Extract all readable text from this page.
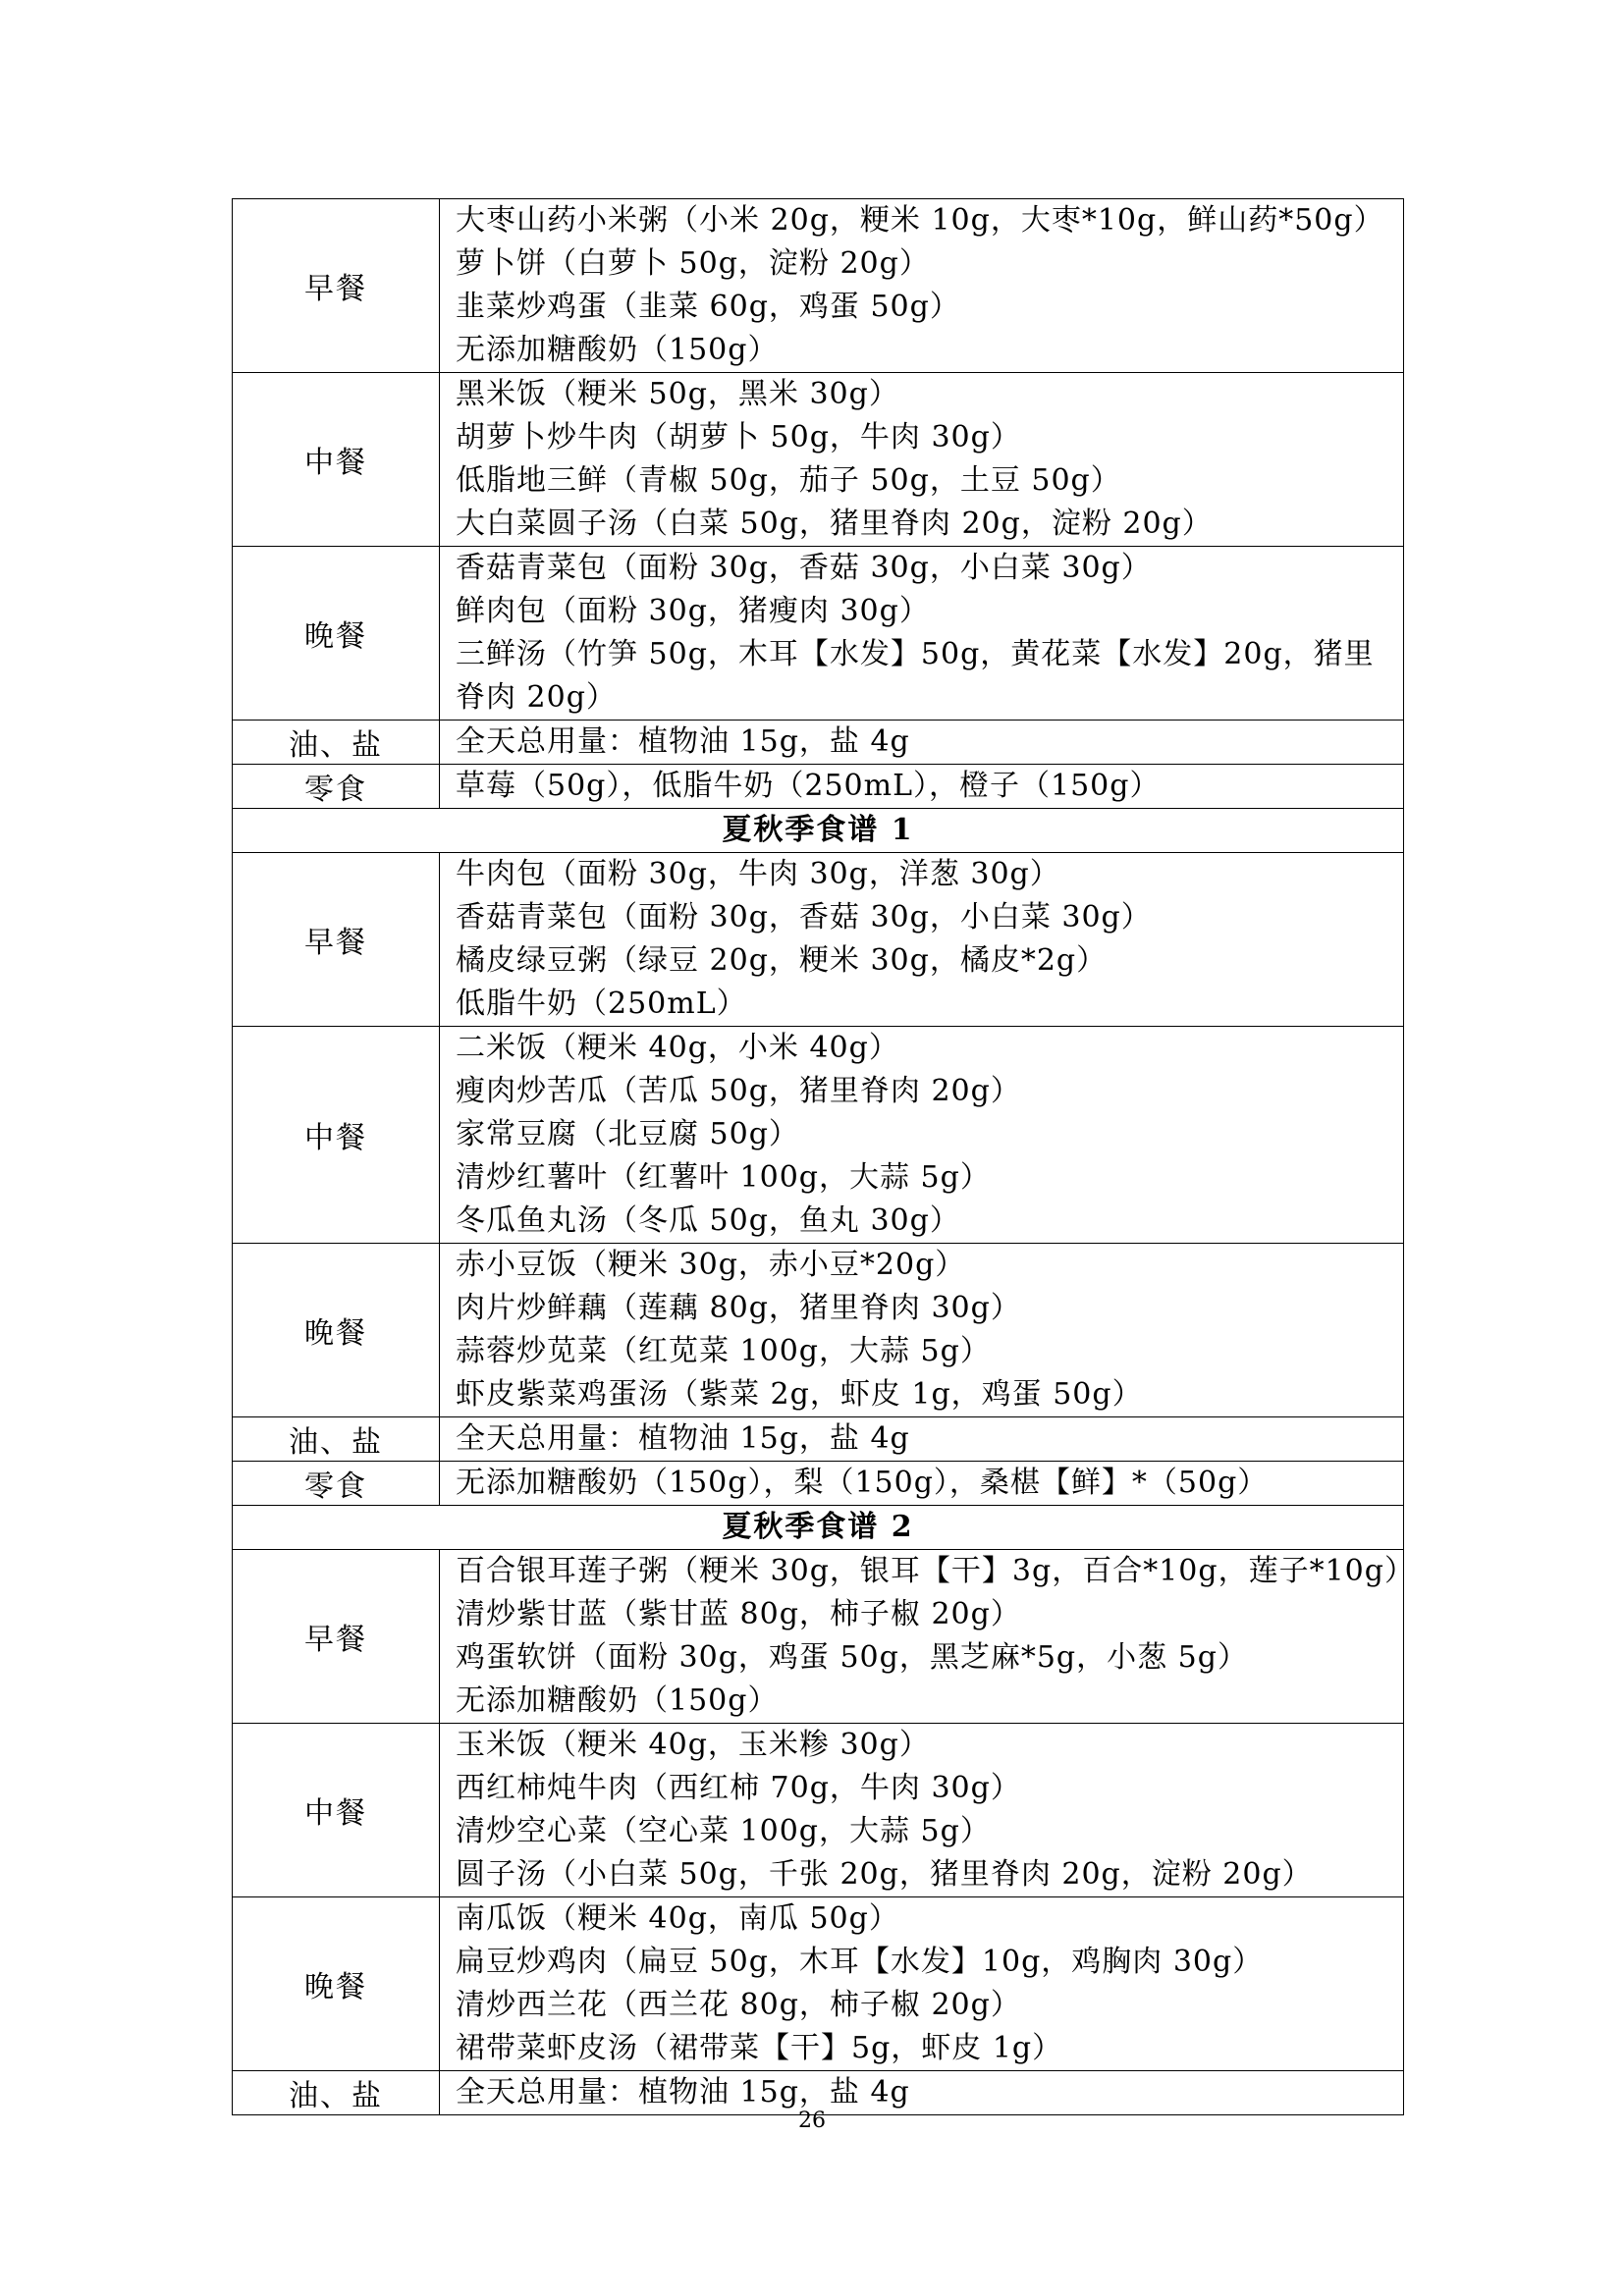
早餐	大枣山药小米粥（小米 20g，粳米 10g，大枣*10g，鲜山药*50g）
萝卜饼（白萝卜 50g，淀粉 20g）
韭菜炒鸡蛋（韭菜 60g，鸡蛋 50g）
无添加糖酸奶（150g）

中餐	黑米饭（粳米 50g，黑米 30g）
胡萝卜炒牛肉（胡萝卜 50g，牛肉 30g）
低脂地三鲜（青椒 50g，茄子 50g，土豆 50g）
大白菜圆子汤（白菜 50g，猪里脊肉 20g，淀粉 20g）

晚餐	香菇青菜包（面粉 30g，香菇 30g，小白菜 30g）
鲜肉包（面粉 30g，猪瘦肉 30g）
三鲜汤（竹笋 50g，木耳【水发】50g，黄花菜【水发】20g，猪里脊肉 20g）

油、盐	全天总用量：植物油 15g，盐 4g

零食	草莓（50g），低脂牛奶（250mL），橙子（150g）

夏秋季食谱 1	
早餐	牛肉包（面粉 30g，牛肉 30g，洋葱 30g）
香菇青菜包（面粉 30g，香菇 30g，小白菜 30g）
橘皮绿豆粥（绿豆 20g，粳米 30g，橘皮*2g）
低脂牛奶（250mL）

中餐	二米饭（粳米 40g，小米 40g）
瘦肉炒苦瓜（苦瓜 50g，猪里脊肉 20g）
家常豆腐（北豆腐 50g）
清炒红薯叶（红薯叶 100g，大蒜 5g）
冬瓜鱼丸汤（冬瓜 50g，鱼丸 30g）

晚餐	赤小豆饭（粳米 30g，赤小豆*20g）
肉片炒鲜藕（莲藕 80g，猪里脊肉 30g）
蒜蓉炒苋菜（红苋菜 100g，大蒜 5g）
虾皮紫菜鸡蛋汤（紫菜 2g，虾皮 1g，鸡蛋 50g）

油、盐	全天总用量：植物油 15g，盐 4g

零食	无添加糖酸奶（150g），梨（150g），桑椹【鲜】*（50g）

夏秋季食谱 2	
早餐	百合银耳莲子粥（粳米 30g，银耳【干】3g，百合*10g，莲子*10g）
清炒紫甘蓝（紫甘蓝 80g，柿子椒 20g）
鸡蛋软饼（面粉 30g，鸡蛋 50g，黑芝麻*5g，小葱 5g）
无添加糖酸奶（150g）

中餐	玉米饭（粳米 40g，玉米糁 30g）
西红柿炖牛肉（西红柿 70g，牛肉 30g）
清炒空心菜（空心菜 100g，大蒜 5g）
圆子汤（小白菜 50g，千张 20g，猪里脊肉 20g，淀粉 20g）

晚餐	南瓜饭（粳米 40g，南瓜 50g）
扁豆炒鸡肉（扁豆 50g，木耳【水发】10g，鸡胸肉 30g）
清炒西兰花（西兰花 80g，柿子椒 20g）
裙带菜虾皮汤（裙带菜【干】5g，虾皮 1g）

油、盐	全天总用量：植物油 15g，盐 4g
26
